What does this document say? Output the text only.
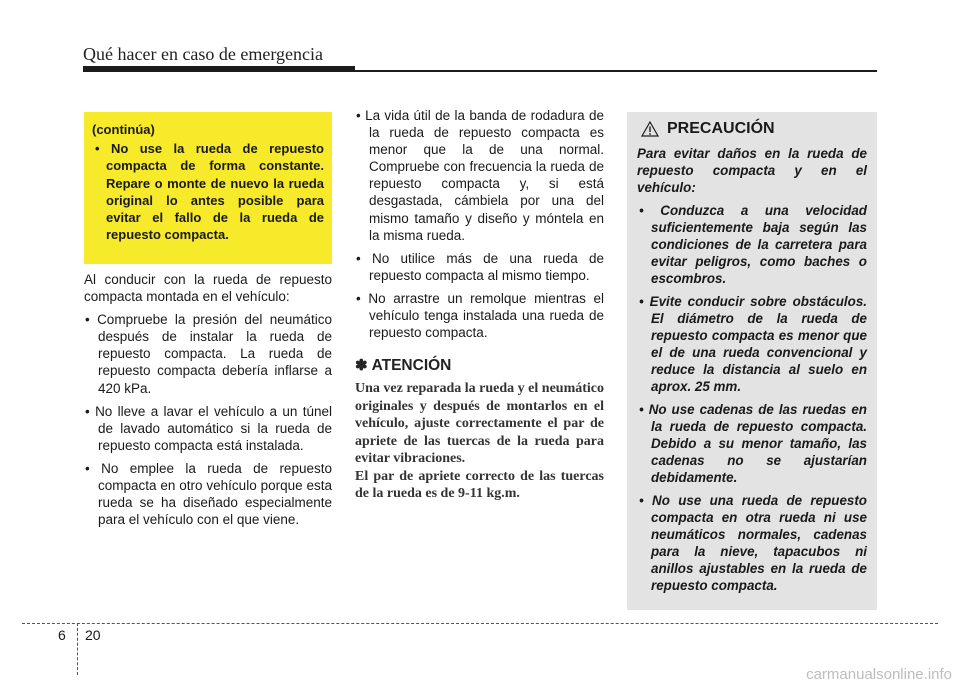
Qué hacer en caso de emergencia
(continúa)
• No use la rueda de repuesto compacta de forma constante. Repare o monte de nuevo la rueda original lo antes posible para evitar el fallo de la rueda de repuesto compacta.

Al conducir con la rueda de repuesto compacta montada en el vehículo:

• Compruebe la presión del neumático después de instalar la rueda de repuesto compacta. La rueda de repuesto compacta debería inflarse a 420 kPa.
• No lleve a lavar el vehículo a un túnel de lavado automático si la rueda de repuesto compacta está instalada.
• No emplee la rueda de repuesto compacta en otro vehículo porque esta rueda se ha diseñado especialmente para el vehículo con el que viene.
• La vida útil de la banda de rodadura de la rueda de repuesto compacta es menor que la de una normal. Compruebe con frecuencia la rueda de repuesto compacta y, si está desgastada, cámbiela por una del mismo tamaño y diseño y móntela en la misma rueda.
• No utilice más de una rueda de repuesto compacta al mismo tiempo.
• No arrastre un remolque mientras el vehículo tenga instalada una rueda de repuesto compacta.
✽ ATENCIÓN
Una vez reparada la rueda y el neumático originales y después de montarlos en el vehículo, ajuste correctamente el par de apriete de las tuercas de la rueda para evitar vibraciones.
El par de apriete correcto de las tuercas de la rueda es de 9-11 kg.m.
PRECAUCIÓN
Para evitar daños en la rueda de repuesto compacta y en el vehículo:
• Conduzca a una velocidad suficientemente baja según las condiciones de la carretera para evitar peligros, como baches o escombros.
• Evite conducir sobre obstáculos. El diámetro de la rueda de repuesto compacta es menor que el de una rueda convencional y reduce la distancia al suelo en aprox. 25 mm.
• No use cadenas de las ruedas en la rueda de repuesto compacta. Debido a su menor tamaño, las cadenas no se ajustarían debidamente.
• No use una rueda de repuesto compacta en otra rueda ni use neumáticos normales, cadenas para la nieve, tapacubos ni anillos ajustables en la rueda de repuesto compacta.
6 20
carmanualsonline.info
